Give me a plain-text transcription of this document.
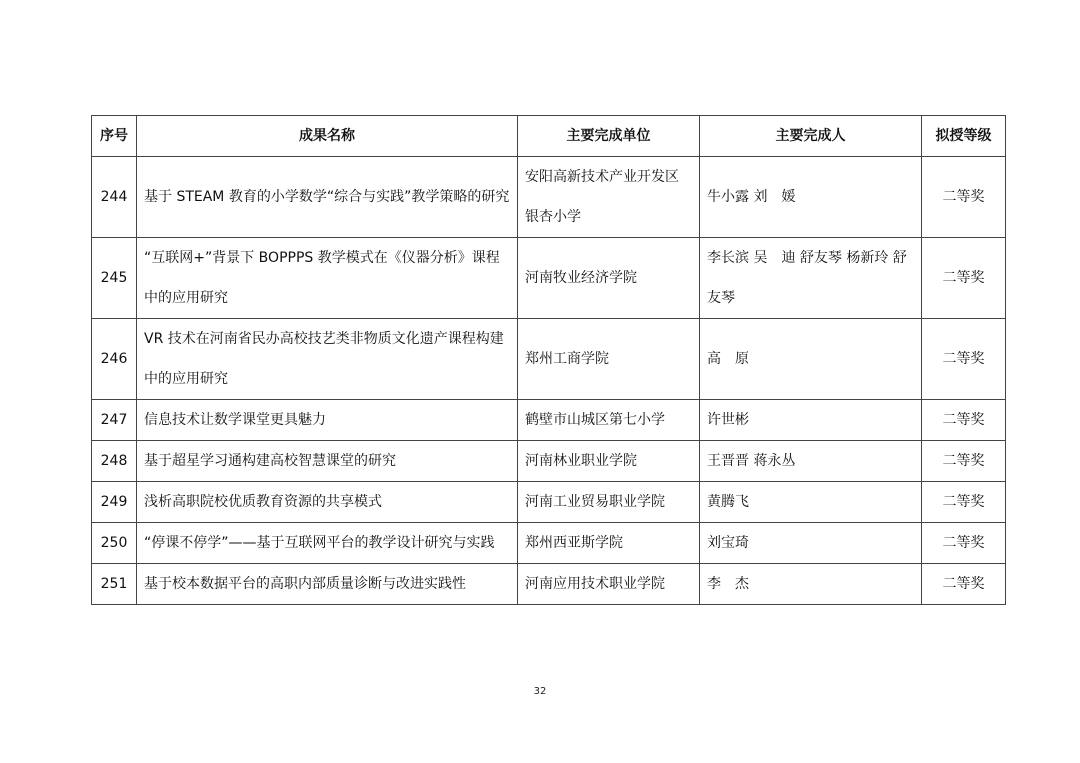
序号	成果名称	主要完成单位	主要完成人	拟授等级
244	基于 STEAM 教育的小学数学“综合与实践”教学策略的研究	安阳高新技术产业开发区银杏小学	牛小露 刘　媛	二等奖
245	“互联网+”背景下 BOPPPS 教学模式在《仪器分析》课程中的应用研究	河南牧业经济学院	李长滨 吴　迪 舒友琴 杨新玲 舒友琴	二等奖
246	VR 技术在河南省民办高校技艺类非物质文化遗产课程构建中的应用研究	郑州工商学院	高　原	二等奖
247	信息技术让数学课堂更具魅力	鹤壁市山城区第七小学	许世彬	二等奖
248	基于超星学习通构建高校智慧课堂的研究	河南林业职业学院	王晋晋 蒋永丛	二等奖
249	浅析高职院校优质教育资源的共享模式	河南工业贸易职业学院	黄腾飞	二等奖
250	“停课不停学”——基于互联网平台的教学设计研究与实践	郑州西亚斯学院	刘宝琦	二等奖
251	基于校本数据平台的高职内部质量诊断与改进实践性	河南应用技术职业学院	李　杰	二等奖
32
